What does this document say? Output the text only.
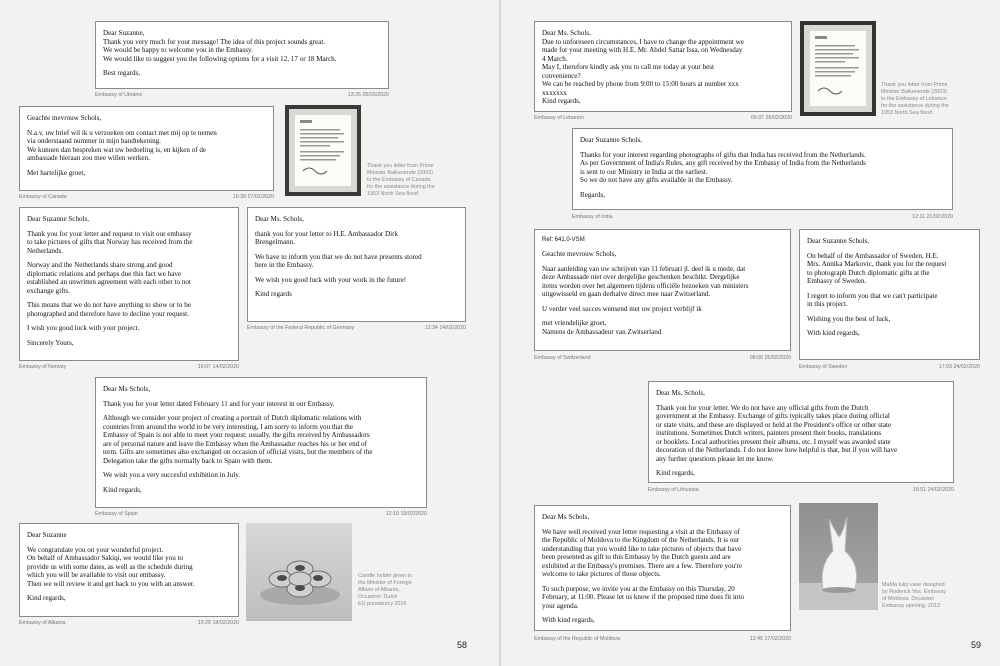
Dear Suzanne,
Thank you very much for your message! The idea of this project sounds great.
We would be happy to welcome you in the Embassy.
We would like to suggest you the following options for a visit 12, 17 or 18 March.

Best regards,

Embassy of Ukraine	13:25 05/03/2020

Geachte mevrouw Schols,

N.a.v. uw brief wil ik u verzoeken om contact met mij op te nemen
via onderstaand nummer in mijn handtekening.
We kunnen dan bespreken wat uw bedoeling is, en kijken of de
ambassade hieraan zou mee willen werken.

Met hartelijke groet,

Embassy of Canada	16:39 27/02/2020
Thank you letter from Prime
Minister Balkenende (2003)
to the Embassy of Canada
for the assistance during the
1953 North Sea flood

Dear Suzanne Schols,

Thank you for your letter and request to visit our embassy
to take pictures of gifts that Norway has received from the
Netherlands.

Norway and the Netherlands share strong and good
diplomatic relations and perhaps due this fact we have
established an unwritten agreement with each other to not
exchange gifts.

This means that we do not have anything to show or to be
photographed and therefore have to decline your request.

I wish you good luck with your project.

Sincerely Yours,

Embassy of Norway	16:07 14/02/2020

Dear Ms. Schols,

thank you for your letter to H.E. Ambassador Dirk
Brengelmann.

We have to inform you that we do not have presents stored
here in the Embassy.

We wish you good luck with your work in the future!

Kind regards

Embassy of the Federal Republic of Germany	12:34 14/02/2020

Dear Ms Schols,

Thank you for your letter dated February 11 and for your interest in our Embassy.

Although we consider your project of creating a portrait of Dutch diplomatic relations with
countries from around the world to be very interesting, I am sorry to inform you that the
Embassy of Spain is not able to meet your request: usually, the gifts received by Ambassadors
are of personal nature and leave the Embassy when the Ambassador reaches his or her end of
term. Gifts are sometimes also exchanged on occasion of official visits, but the members of the
Delegation take the gifts normally back to Spain with them.

We wish you a very succesful exhibition in July.

Kind regards,

Embassy of Spain	12:10 19/02/2020

Dear Suzanne

We congratulate you on your wonderful project.
On behalf of Ambassador Sakiqi, we would like you to
provide us with some dates, as well as the schedule during
which you will be available to visit our embassy.
Then we will review it and get back to you with an answer.

Kind regards,

Embassy of Albania	15:28 18/02/2020
Candle holder given to
the Minister of Foreign
Affairs of Albania.
Occasion: Dutch
EU presidency 2016
58

Dear Ms. Schols,
Due to unforeseen circumstances, I have to change the appointment we
made for your meeting with H.E. Mr. Abdel Sattar Issa, on Wednesday
4 March.
May I, therefore kindly ask you to call me today at your best
convenience?
We can be reached by phone from 9:00 to 15:00 hours at number xxx
xxxxxxx
Kind regards,

Embassy of Lebanon	09:37 26/02/2020
Thank you letter from Prime
Minister Balkenende (2003)
to the Embassy of Lebanon
for the assistance during the
1953 North Sea flood

Dear Suzanne Schols,

Thanks for your interest regarding photographs of gifts that India has received from the Netherlands.
As per Government of India's Rules, any gift received by the Embassy of India from the Netherlands
is sent to our Ministry in India at the earliest.
So we do not have any gifts available in the Embassy.

Regards,

Embassy of India	12:11 21/02/2020

Ref: 641.0-VSM

Geachte mevrouw Schols,

Naar aanleiding van uw schrijven van 11 februari jl. deel ik u mede, dat
deze Ambassade niet over dergelijke geschenken beschikt. Dergelijke
items worden over het algemeen tijdens officiële bezoeken van ministers
uitgewisseld en gaan derhalve direct mee naar Zwitserland.

U verder veel succes wensend met uw project verblijf ik

met vriendelijke groet,
Namens de Ambassadeur van Zwitserland

Embassy of Switzerland	08:00 25/02/2020

Dear Suzanne Schols,

On behalf of the Ambassador of Sweden, H.E.
Mrs. Annika Markovic, thank you for the request
to photograph Dutch diplomatic gifts at the
Embassy of Sweden.

I regret to inform you that we can't participate
in this project.

Wishing you the best of luck,

With kind regards,

Embassy of Sweden	17:03 24/02/2020

Dear Ms. Schols,

Thank you for your letter. We do not have any official gifts from the Dutch
government at the Embassy. Exchange of gifts typically takes place during official
or state visits, and these are displayed or held at the President's office or other state
institutions. Sometimes Dutch writers, painters present their books, translations
or booklets. Local authorities present their albums, etc. I myself was awarded state
decoration of the Netherlands. I do not know how helpful is that, but if you will have
any further questions please let me know.

Kind regards,

Embassy of Lithuania	16:51 24/02/2020

Dear Ms Schols,

We have well received your letter requesting a visit at the Embassy of
the Republic of Moldova to the Kingdom of the Netherlands. It is our
understanding that you would like to take pictures of objects that have
been presented as gift to this Embassy by the Dutch guests and are
exhibited at the Embassy's premises. There are a few. Therefore you're
welcome to take pictures of those objects.

To such purpose, we invite you at the Embassy on this Thursday, 20
February, at 11:00. Please let us know if the proposed time does fit into
your agenda.

With kind regards,

Embassy of the Republic of Moldova	12:45 17/02/2020
MaMa tulip vase designed
by Roderick Vos. Embassy
of Moldova. Occasion
Embassy opening, 2013
59
